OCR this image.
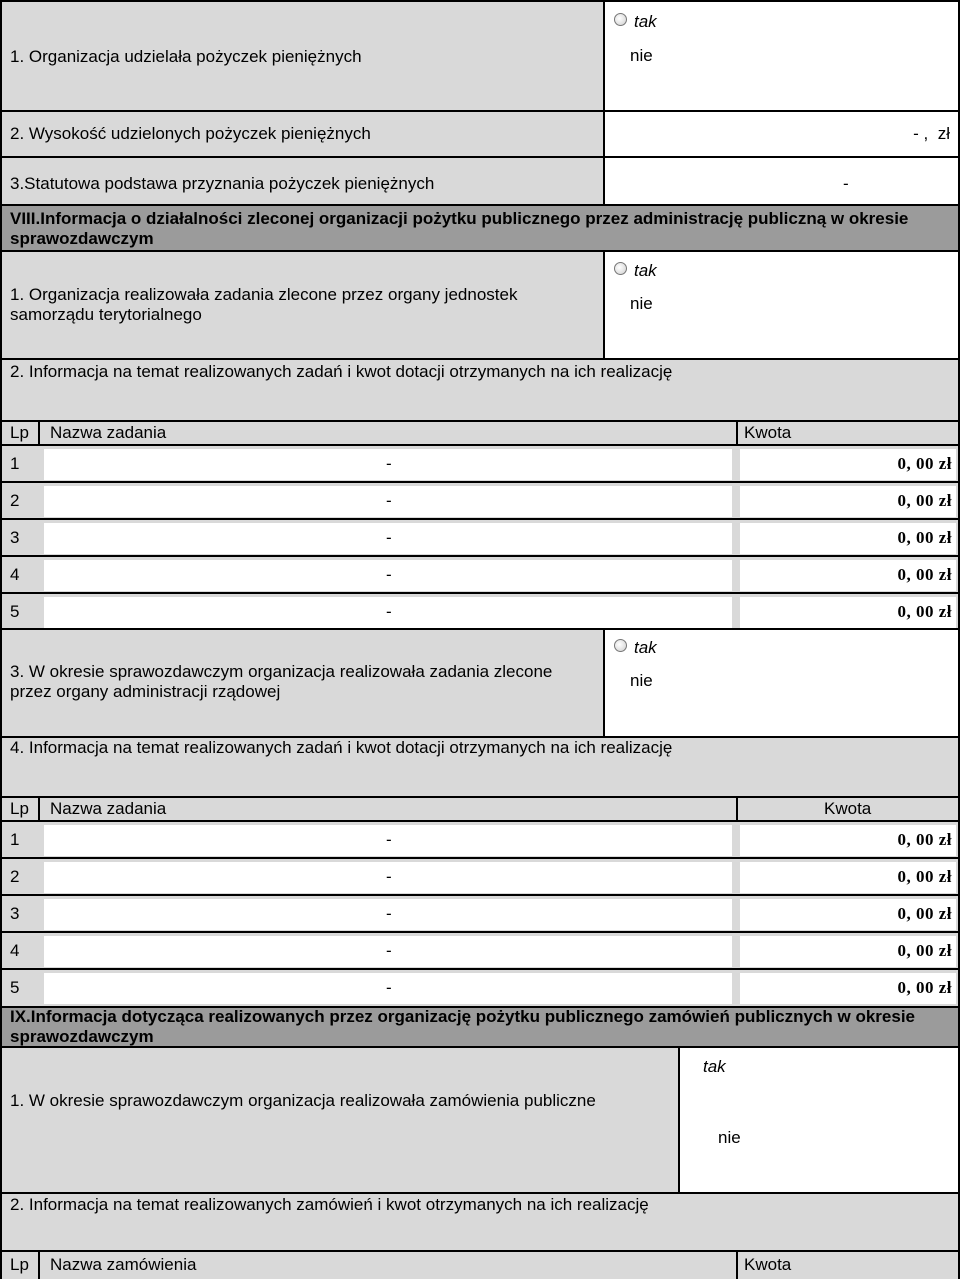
1. Organizacja udzielała pożyczek pieniężnych
tak
nie
2. Wysokość udzielonych pożyczek pieniężnych	- ,  zł
3.Statutowa podstawa przyznania pożyczek pieniężnych	-
VIII.Informacja o działalności zleconej organizacji pożytku publicznego przez administrację publiczną w okresie sprawozdawczym
1. Organizacja realizowała zadania zlecone przez organy jednostek samorządu terytorialnego
tak
nie
2. Informacja na temat realizowanych zadań i kwot dotacji otrzymanych na ich realizację
Lp Nazwa zadania	Kwota
1	-	0, 00 zł
2	-	0, 00 zł
3	-	0, 00 zł
4	-	0, 00 zł
5	-	0, 00 zł
3. W okresie sprawozdawczym organizacja realizowała zadania zlecone przez organy administracji rządowej
tak
nie
4. Informacja na temat realizowanych zadań i kwot dotacji otrzymanych na ich realizację
Lp Nazwa zadania	Kwota
1	-	0, 00 zł
2	-	0, 00 zł
3	-	0, 00 zł
4	-	0, 00 zł
5	-	0, 00 zł
IX.Informacja dotycząca realizowanych przez organizację pożytku publicznego zamówień publicznych w okresie sprawozdawczym
1. W okresie sprawozdawczym organizacja realizowała zamówienia publiczne
tak
nie
2. Informacja na temat realizowanych zamówień i kwot otrzymanych na ich realizację
Lp Nazwa zamówienia	Kwota
